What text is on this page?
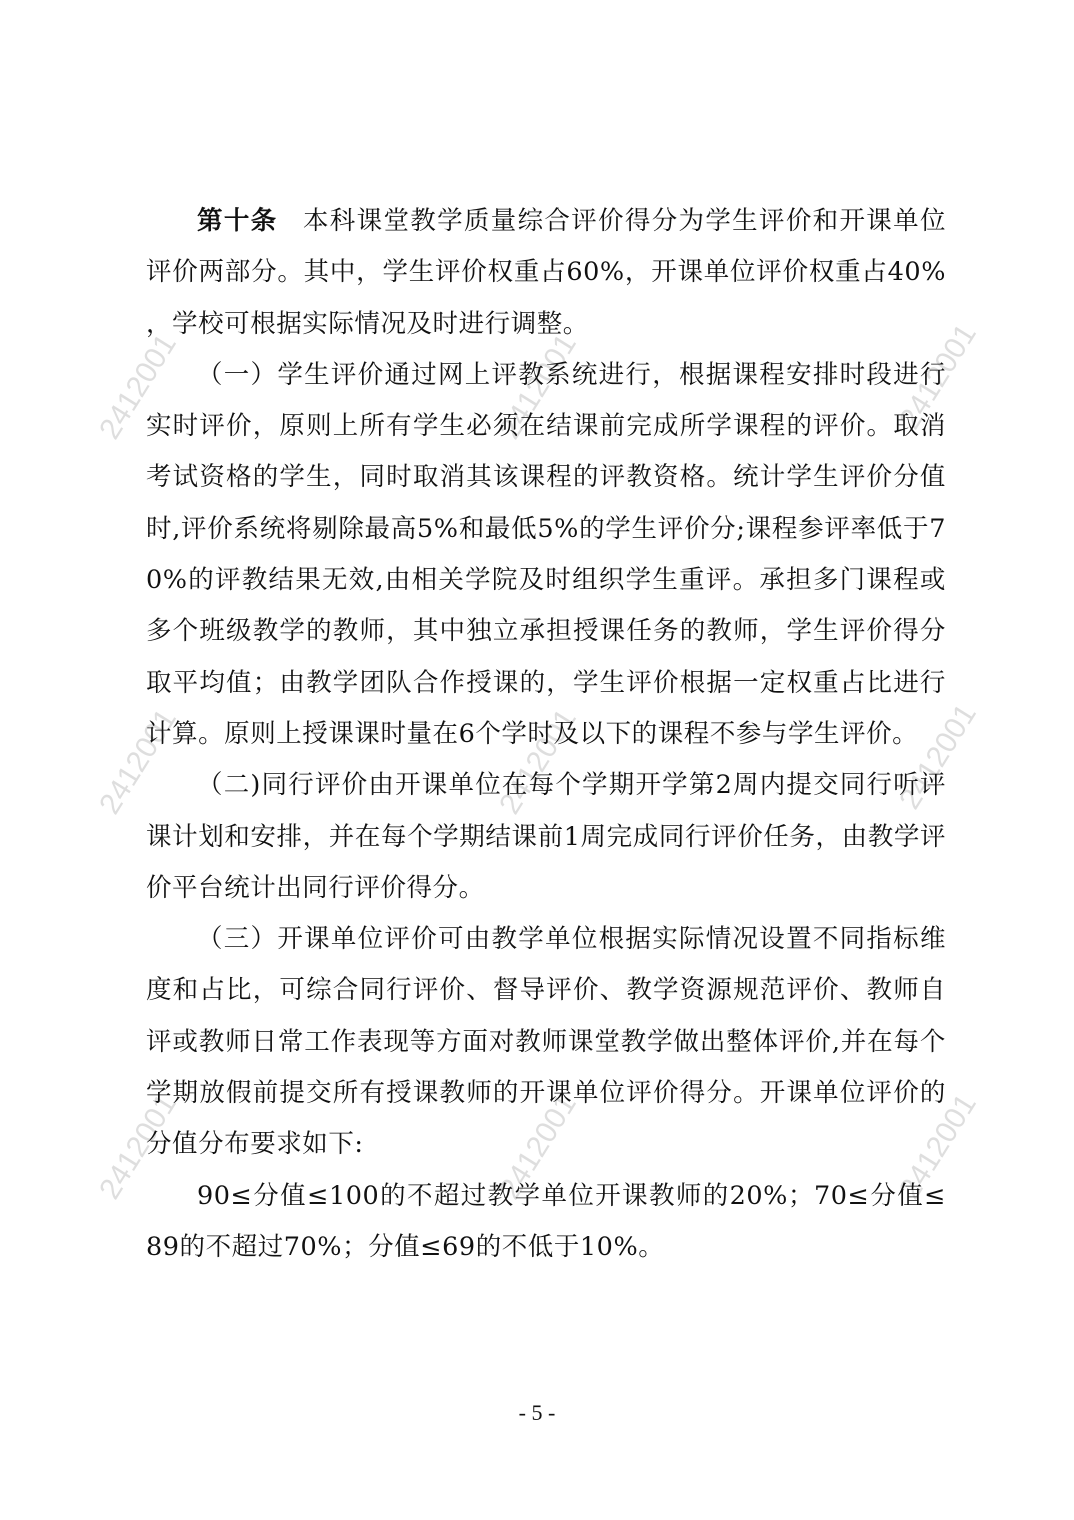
2412001	2412001	2412001
2412001	2412001	2412001
2412001	2412001	2412001

第十条 本科课堂教学质量综合评价得分为学生评价和开课单位评价两部分。其中，学生评价权重占60%，开课单位评价权重占40%，学校可根据实际情况及时进行调整。

（一）学生评价通过网上评教系统进行，根据课程安排时段进行实时评价，原则上所有学生必须在结课前完成所学课程的评价。取消考试资格的学生，同时取消其该课程的评教资格。统计学生评价分值时,评价系统将剔除最高5%和最低5%的学生评价分;课程参评率低于70%的评教结果无效,由相关学院及时组织学生重评。承担多门课程或多个班级教学的教师，其中独立承担授课任务的教师，学生评价得分取平均值；由教学团队合作授课的，学生评价根据一定权重占比进行计算。原则上授课课时量在6个学时及以下的课程不参与学生评价。

（二)同行评价由开课单位在每个学期开学第2周内提交同行听评课计划和安排，并在每个学期结课前1周完成同行评价任务，由教学评价平台统计出同行评价得分。

（三）开课单位评价可由教学单位根据实际情况设置不同指标维度和占比，可综合同行评价、督导评价、教学资源规范评价、教师自评或教师日常工作表现等方面对教师课堂教学做出整体评价,并在每个学期放假前提交所有授课教师的开课单位评价得分。开课单位评价的分值分布要求如下:

90≤分值≤100的不超过教学单位开课教师的20%；70≤分值≤89的不超过70%；分值≤69的不低于10%。

- 5 -
